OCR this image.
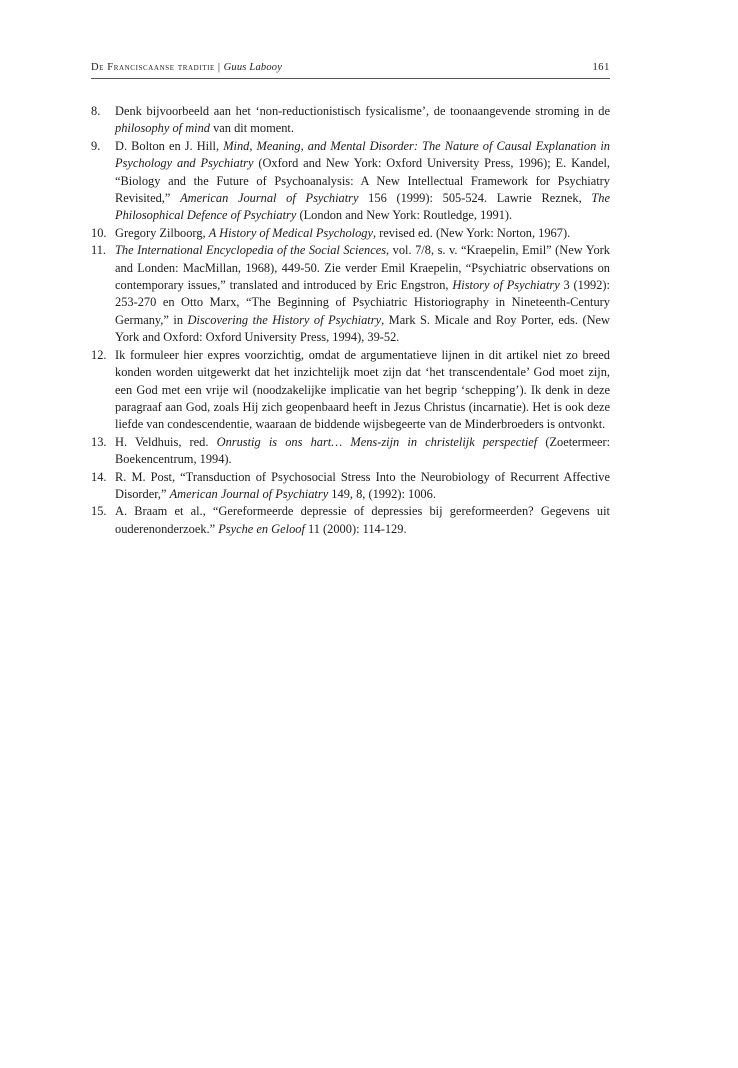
De Franciscaanse traditie | Guus Labooy	161
8.	Denk bijvoorbeeld aan het ‘non-reductionistisch fysicalisme’, de toonaangevende stroming in de philosophy of mind van dit moment.
9.	D. Bolton en J. Hill, Mind, Meaning, and Mental Disorder: The Nature of Causal Explanation in Psychology and Psychiatry (Oxford and New York: Oxford University Press, 1996); E. Kandel, “Biology and the Future of Psychoanalysis: A New Intellectual Framework for Psychiatry Revisited,” American Journal of Psychiatry 156 (1999): 505-524. Lawrie Reznek, The Philosophical Defence of Psychiatry (London and New York: Routledge, 1991).
10. Gregory Zilboorg, A History of Medical Psychology, revised ed. (New York: Norton, 1967).
11. The International Encyclopedia of the Social Sciences, vol. 7/8, s. v. “Kraepelin, Emil” (New York and Londen: MacMillan, 1968), 449-50. Zie verder Emil Kraepelin, “Psychiatric observations on contemporary issues,” translated and introduced by Eric Engstron, History of Psychiatry 3 (1992): 253-270 en Otto Marx, “The Beginning of Psychiatric Historiography in Nineteenth-Century Germany,” in Discovering the History of Psychiatry, Mark S. Micale and Roy Porter, eds. (New York and Oxford: Oxford University Press, 1994), 39-52.
12. Ik formuleer hier expres voorzichtig, omdat de argumentatieve lijnen in dit artikel niet zo breed konden worden uitgewerkt dat het inzichtelijk moet zijn dat ‘het transcendentale’ God moet zijn, een God met een vrije wil (noodzakelijke implicatie van het begrip ‘schepping’). Ik denk in deze paragraaf aan God, zoals Hij zich geopenbaard heeft in Jezus Christus (incarnatie). Het is ook deze liefde van condescendentie, waaraan de biddende wijsbegeerte van de Minderbroeders is ontvonkt.
13. H. Veldhuis, red. Onrustig is ons hart… Mens-zijn in christelijk perspectief (Zoetermeer: Boekencentrum, 1994).
14. R. M. Post, “Transduction of Psychosocial Stress Into the Neurobiology of Recurrent Affective Disorder,” American Journal of Psychiatry 149, 8, (1992): 1006.
15. A. Braam et al., “Gereformeerde depressie of depressies bij gereformeerden? Gegevens uit ouderenonderzoek.” Psyche en Geloof 11 (2000): 114-129.
